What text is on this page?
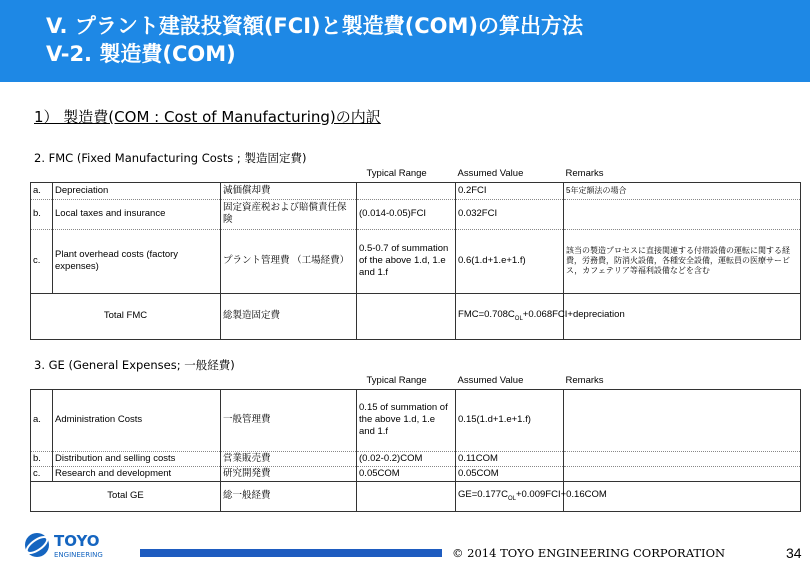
V. プラント建設投資額(FCI)と製造費(COM)の算出方法
V-2. 製造費(COM)
1） 製造費(COM : Cost of Manufacturing)の内訳
2. FMC (Fixed Manufacturing Costs ; 製造固定費)
			Typical Range	Assumed Value	Remarks
a.	Depreciation	減価償却費		0.2FCI	5年定額法の場合
b.	Local taxes and insurance	固定資産税および賠償責任保険	(0.014-0.05)FCI	0.032FCI	
c.	Plant overhead costs (factory expenses)	プラント管理費 （工場経費）	0.5-0.7 of summation of the above 1.d, 1.e and 1.f	0.6(1.d+1.e+1.f)	該当の製造プロセスに直接関連する付帯設備の運転に関する経費，労務費，防消火設備，各種安全設備，運転員の医療サービス，カフェテリア等福利設備などを含む
Total FMC		総製造固定費		$FMC=0.708C_{OL}+0.068FCI+depreciation$	
3. GE (General Expenses; 一般経費)
			Typical Range	Assumed Value	Remarks
a.	Administration Costs	一般管理費	0.15 of summation of the above 1.d, 1.e and 1.f	0.15(1.d+1.e+1.f)	
b.	Distribution and selling costs	営業販売費	(0.02-0.2)COM	0.11COM	
c.	Research and development	研究開発費	0.05COM	0.05COM	
Total GE		総一般経費		$GE=0.177C_{OL}+0.009FCI+0.16COM$	
TOYO
ENGINEERING	© 2014 TOYO ENGINEERING CORPORATION	34
